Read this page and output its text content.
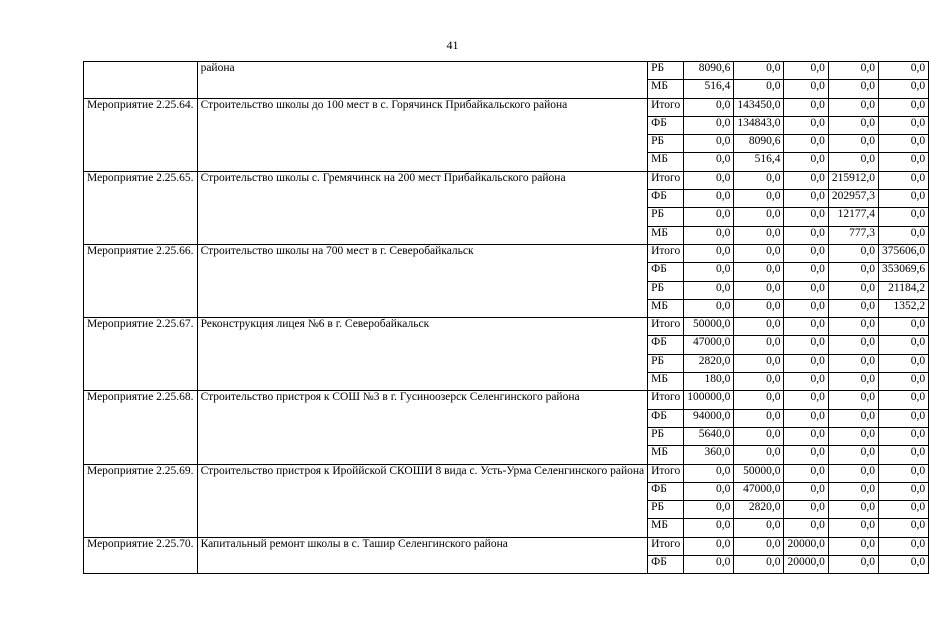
41
	района	РБ	8090,6	0,0	0,0	0,0	0,0
		МБ	516,4	0,0	0,0	0,0	0,0
Мероприятие 2.25.64.	Строительство школы до 100 мест в с. Горячинск Прибайкальского района	Итого	0,0	143450,0	0,0	0,0	0,0
		ФБ	0,0	134843,0	0,0	0,0	0,0
		РБ	0,0	8090,6	0,0	0,0	0,0
		МБ	0,0	516,4	0,0	0,0	0,0
Мероприятие 2.25.65.	Строительство школы с. Гремячинск на 200 мест Прибайкальского района	Итого	0,0	0,0	0,0	215912,0	0,0
		ФБ	0,0	0,0	0,0	202957,3	0,0
		РБ	0,0	0,0	0,0	12177,4	0,0
		МБ	0,0	0,0	0,0	777,3	0,0
Мероприятие 2.25.66.	Строительство школы на 700 мест в г. Северобайкальск	Итого	0,0	0,0	0,0	0,0	375606,0
		ФБ	0,0	0,0	0,0	0,0	353069,6
		РБ	0,0	0,0	0,0	0,0	21184,2
		МБ	0,0	0,0	0,0	0,0	1352,2
Мероприятие 2.25.67.	Реконструкция лицея №6 в г. Северобайкальск	Итого	50000,0	0,0	0,0	0,0	0,0
		ФБ	47000,0	0,0	0,0	0,0	0,0
		РБ	2820,0	0,0	0,0	0,0	0,0
		МБ	180,0	0,0	0,0	0,0	0,0
Мероприятие 2.25.68.	Строительство пристроя к СОШ №3 в г. Гусиноозерск Селенгинского района	Итого	100000,0	0,0	0,0	0,0	0,0
		ФБ	94000,0	0,0	0,0	0,0	0,0
		РБ	5640,0	0,0	0,0	0,0	0,0
		МБ	360,0	0,0	0,0	0,0	0,0
Мероприятие 2.25.69.	Строительство пристроя к Ироййской СКОШИ 8 вида с. Усть-Урма Селенгинского района	Итого	0,0	50000,0	0,0	0,0	0,0
		ФБ	0,0	47000,0	0,0	0,0	0,0
		РБ	0,0	2820,0	0,0	0,0	0,0
		МБ	0,0	0,0	0,0	0,0	0,0
Мероприятие 2.25.70.	Капитальный ремонт школы в с. Ташир Селенгинского района	Итого	0,0	0,0	20000,0	0,0	0,0
		ФБ	0,0	0,0	20000,0	0,0	0,0
